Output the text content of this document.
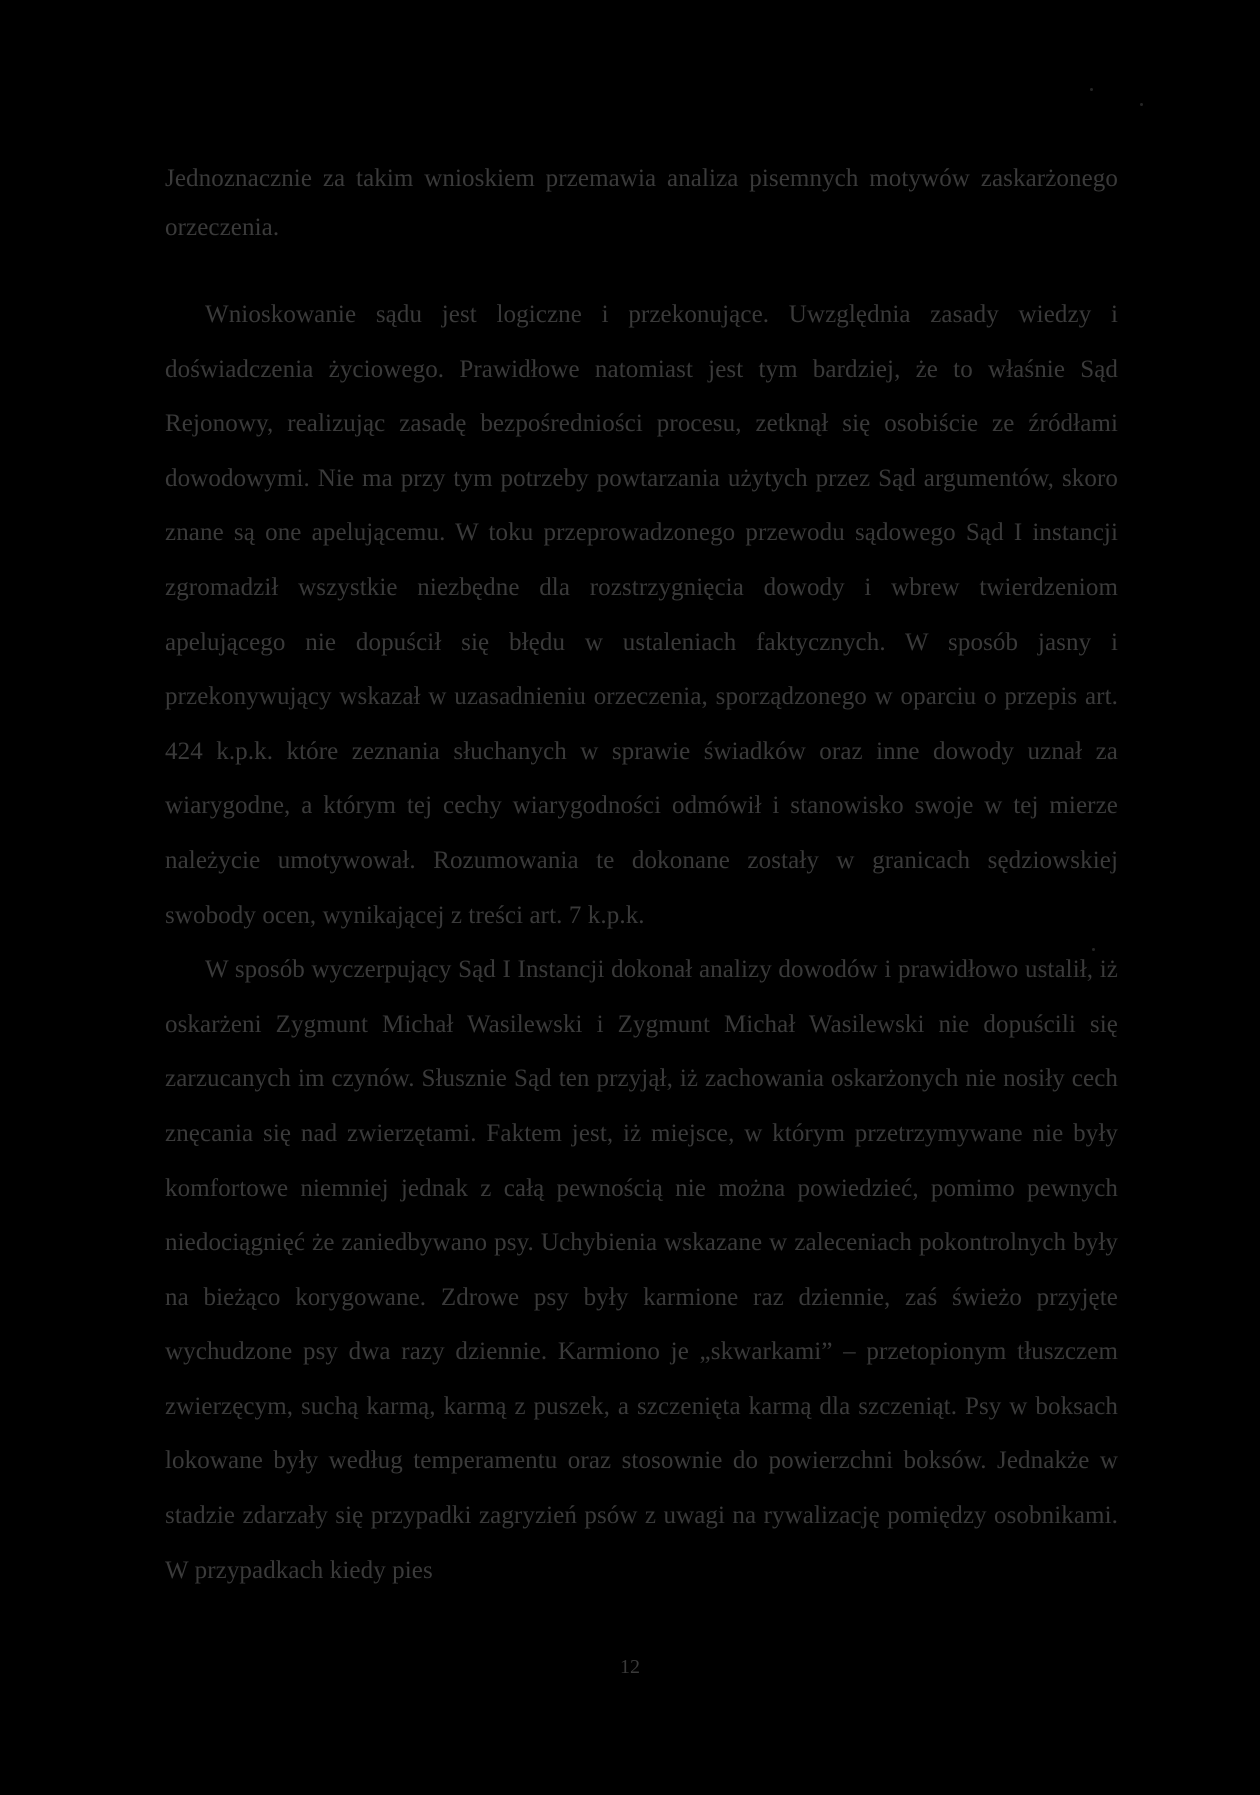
Jednoznacznie za takim wnioskiem przemawia analiza pisemnych motywów zaskarżonego orzeczenia.

Wnioskowanie sądu jest logiczne i przekonujące. Uwzględnia zasady wiedzy i doświadczenia życiowego. Prawidłowe natomiast jest tym bardziej, że to właśnie Sąd Rejonowy, realizując zasadę bezpośredniości procesu, zetknął się osobiście ze źródłami dowodowymi. Nie ma przy tym potrzeby powtarzania użytych przez Sąd argumentów, skoro znane są one apelującemu. W toku przeprowadzonego przewodu sądowego Sąd I instancji zgromadził wszystkie niezbędne dla rozstrzygnięcia dowody i wbrew twierdzeniom apelującego nie dopuścił się błędu w ustaleniach faktycznych. W sposób jasny i przekonywujący wskazał w uzasadnieniu orzeczenia, sporządzonego w oparciu o przepis art. 424 k.p.k. które zeznania słuchanych w sprawie świadków oraz inne dowody uznał za wiarygodne, a którym tej cechy wiarygodności odmówił i stanowisko swoje w tej mierze należycie umotywował. Rozumowania te dokonane zostały w granicach sędziowskiej swobody ocen, wynikającej z treści art. 7 k.p.k.

W sposób wyczerpujący Sąd I Instancji dokonał analizy dowodów i prawidłowo ustalił, iż oskarżeni Zygmunt Michał Wasilewski i Zygmunt Michał Wasilewski nie dopuścili się zarzucanych im czynów. Słusznie Sąd ten przyjął, iż zachowania oskarżonych nie nosiły cech znęcania się nad zwierzętami. Faktem jest, iż miejsce, w którym przetrzymywane nie były komfortowe niemniej jednak z całą pewnością nie można powiedzieć, pomimo pewnych niedociągnięć że zaniedbywano psy. Uchybienia wskazane w zaleceniach pokontrolnych były na bieżąco korygowane. Zdrowe psy były karmione raz dziennie, zaś świeżo przyjęte wychudzone psy dwa razy dziennie. Karmiono je „skwarkami” – przetopionym tłuszczem zwierzęcym, suchą karmą, karmą z puszek, a szczenięta karmą dla szczeniąt. Psy w boksach lokowane były według temperamentu oraz stosownie do powierzchni boksów. Jednakże w stadzie zdarzały się przypadki zagryzień psów z uwagi na rywalizację pomiędzy osobnikami. W przypadkach kiedy pies

12
